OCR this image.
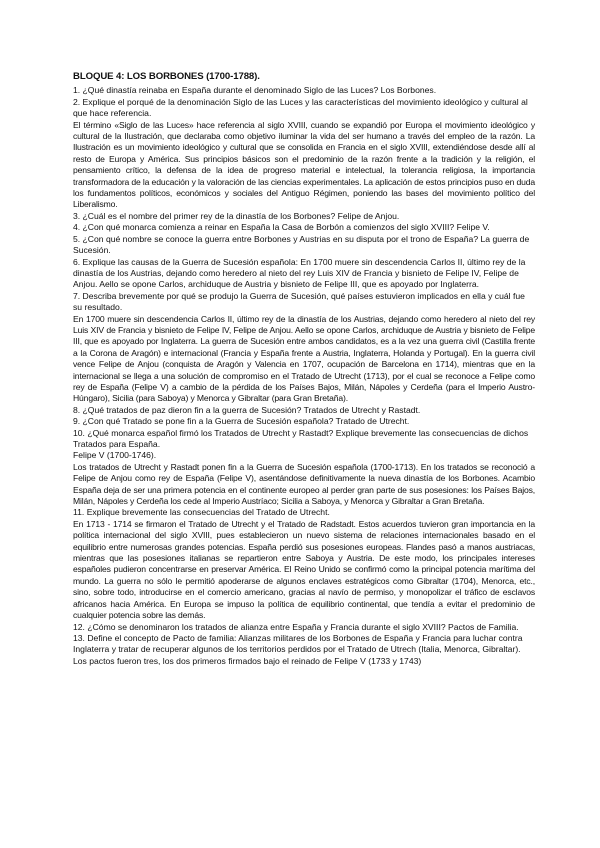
BLOQUE 4: LOS BORBONES (1700-1788).

1. ¿Qué dinastía reinaba en España durante el denominado Siglo de las Luces? Los Borbones.

2. Explique el porqué de la denominación Siglo de las Luces y las características del movimiento ideológico y cultural al que hace referencia.

El término «Siglo de las Luces» hace referencia al siglo XVIII, cuando se expandió por Europa el movimiento ideológico y cultural de la Ilustración, que declaraba como objetivo iluminar la vida del ser humano a través del empleo de la razón. La Ilustración es un movimiento ideológico y cultural que se consolida en Francia en el siglo XVIII, extendiéndose desde allí al resto de Europa y América. Sus principios básicos son el predominio de la razón frente a la tradición y la religión, el pensamiento crítico, la defensa de la idea de progreso material e intelectual, la tolerancia religiosa, la importancia transformadora de la educación y la valoración de las ciencias experimentales. La aplicación de estos principios puso en duda los fundamentos políticos, económicos y sociales del Antiguo Régimen, poniendo las bases del movimiento político del Liberalismo.

3. ¿Cuál es el nombre del primer rey de la dinastía de los Borbones? Felipe de Anjou.

4. ¿Con qué monarca comienza a reinar en España la Casa de Borbón a comienzos del siglo XVIII? Felipe V.

5. ¿Con qué nombre se conoce la guerra entre Borbones y Austrias en su disputa por el trono de España? La guerra de Sucesión.

6. Explique las causas de la Guerra de Sucesión española: En 1700 muere sin descendencia Carlos II, último rey de la dinastía de los Austrias, dejando como heredero al nieto del rey Luis XIV de Francia y bisnieto de Felipe IV, Felipe de Anjou. Aello se opone Carlos, archiduque de Austria y bisnieto de Felipe III, que es apoyado por Inglaterra.

7. Describa brevemente por qué se produjo la Guerra de Sucesión, qué países estuvieron implicados en ella y cuál fue su resultado.

En 1700 muere sin descendencia Carlos II, último rey de la dinastía de los Austrias, dejando como heredero al nieto del rey Luis XIV de Francia y bisnieto de Felipe IV, Felipe de Anjou. Aello se opone Carlos, archiduque de Austria y bisnieto de Felipe III, que es apoyado por Inglaterra. La guerra de Sucesión entre ambos candidatos, es a la vez una guerra civil (Castilla frente a la Corona de Aragón) e internacional (Francia y España frente a Austria, Inglaterra, Holanda y Portugal). En la guerra civil vence Felipe de Anjou (conquista de Aragón y Valencia en 1707, ocupación de Barcelona en 1714), mientras que en la internacional se llega a una solución de compromiso en el Tratado de Utrecht (1713), por el cual se reconoce a Felipe como rey de España (Felipe V) a cambio de la pérdida de los Países Bajos, Milán, Nápoles y Cerdeña (para el Imperio Austro-Húngaro), Sicilia (para Saboya) y Menorca y Gibraltar (para Gran Bretaña).

8. ¿Qué tratados de paz dieron fin a la guerra de Sucesión? Tratados de Utrecht y Rastadt.

9. ¿Con qué Tratado se pone fin a la Guerra de Sucesión española? Tratado de Utrecht.

10. ¿Qué monarca español firmó los Tratados de Utrecht y Rastadt? Explique brevemente las consecuencias de dichos Tratados para España.

Felipe V (1700-1746).

Los tratados de Utrecht y Rastadt ponen fin a la Guerra de Sucesión española (1700-1713). En los tratados se reconoció a Felipe de Anjou como rey de España (Felipe V), asentándose definitivamente la nueva dinastía de los Borbones. Acambio España deja de ser una primera potencia en el continente europeo al perder gran parte de sus posesiones: los Países Bajos, Milán, Nápoles y Cerdeña los cede al Imperio Austríaco; Sicilia a Saboya, y Menorca y Gibraltar a Gran Bretaña.

11. Explique brevemente las consecuencias del Tratado de Utrecht.

En 1713 - 1714 se firmaron el Tratado de Utrecht y el Tratado de Radstadt. Estos acuerdos tuvieron gran importancia en la política internacional del siglo XVIII, pues establecieron un nuevo sistema de relaciones internacionales basado en el equilibrio entre numerosas grandes potencias. España perdió sus posesiones europeas. Flandes pasó a manos austriacas, mientras que las posesiones italianas se repartieron entre Saboya y Austria. De este modo, los principales intereses españoles pudieron concentrarse en preservar América. El Reino Unido se confirmó como la principal potencia marítima del mundo. La guerra no sólo le permitió apoderarse de algunos enclaves estratégicos como Gibraltar (1704), Menorca, etc., sino, sobre todo, introducirse en el comercio americano, gracias al navío de permiso, y monopolizar el tráfico de esclavos africanos hacia América. En Europa se impuso la política de equilibrio continental, que tendía a evitar el predominio de cualquier potencia sobre las demás.

12. ¿Cómo se denominaron los tratados de alianza entre España y Francia durante el siglo XVIII? Pactos de Familia.

13. Define el concepto de Pacto de familia: Alianzas militares de los Borbones de España y Francia para luchar contra Inglaterra y tratar de recuperar algunos de los territorios perdidos por el Tratado de Utrech (Italia, Menorca, Gibraltar). Los pactos fueron tres, los dos primeros firmados bajo el reinado de Felipe V (1733 y 1743)
